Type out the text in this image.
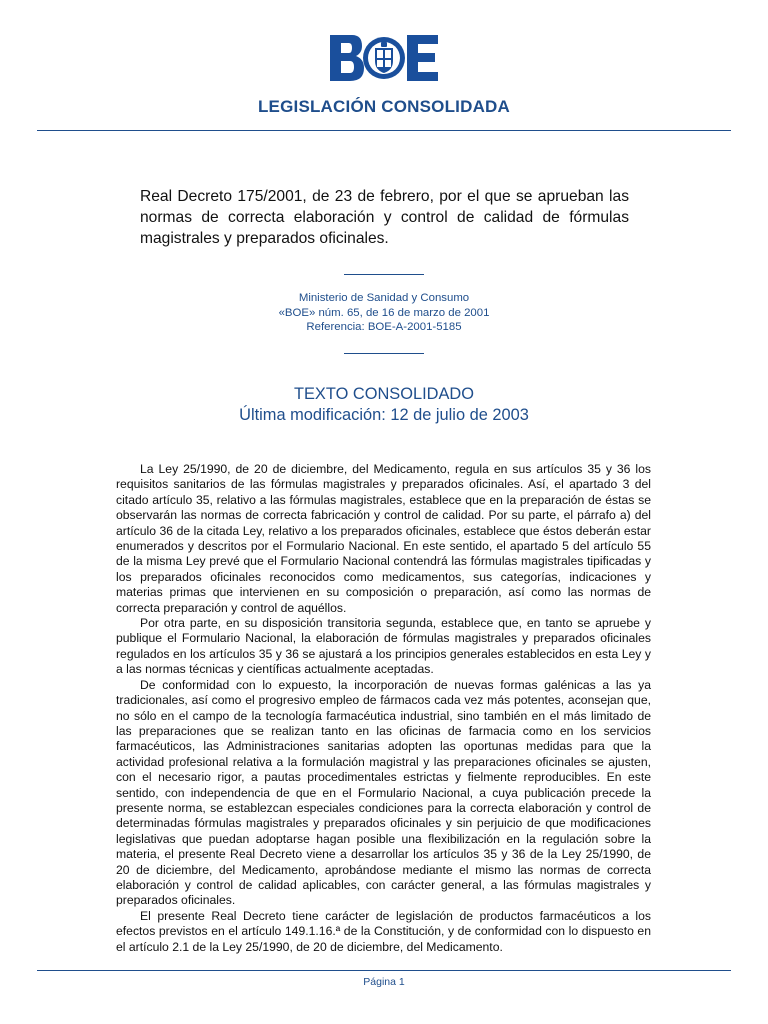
LEGISLACIÓN CONSOLIDADA
Real Decreto 175/2001, de 23 de febrero, por el que se aprueban las normas de correcta elaboración y control de calidad de fórmulas magistrales y preparados oficinales.
Ministerio de Sanidad y Consumo
«BOE» núm. 65, de 16 de marzo de 2001
Referencia: BOE-A-2001-5185
TEXTO CONSOLIDADO
Última modificación: 12 de julio de 2003

La Ley 25/1990, de 20 de diciembre, del Medicamento, regula en sus artículos 35 y 36 los requisitos sanitarios de las fórmulas magistrales y preparados oficinales. Así, el apartado 3 del citado artículo 35, relativo a las fórmulas magistrales, establece que en la preparación de éstas se observarán las normas de correcta fabricación y control de calidad. Por su parte, el párrafo a) del artículo 36 de la citada Ley, relativo a los preparados oficinales, establece que éstos deberán estar enumerados y descritos por el Formulario Nacional. En este sentido, el apartado 5 del artículo 55 de la misma Ley prevé que el Formulario Nacional contendrá las fórmulas magistrales tipificadas y los preparados oficinales reconocidos como medicamentos, sus categorías, indicaciones y materias primas que intervienen en su composición o preparación, así como las normas de correcta preparación y control de aquéllos.

Por otra parte, en su disposición transitoria segunda, establece que, en tanto se apruebe y publique el Formulario Nacional, la elaboración de fórmulas magistrales y preparados oficinales regulados en los artículos 35 y 36 se ajustará a los principios generales establecidos en esta Ley y a las normas técnicas y científicas actualmente aceptadas.

De conformidad con lo expuesto, la incorporación de nuevas formas galénicas a las ya tradicionales, así como el progresivo empleo de fármacos cada vez más potentes, aconsejan que, no sólo en el campo de la tecnología farmacéutica industrial, sino también en el más limitado de las preparaciones que se realizan tanto en las oficinas de farmacia como en los servicios farmacéuticos, las Administraciones sanitarias adopten las oportunas medidas para que la actividad profesional relativa a la formulación magistral y las preparaciones oficinales se ajusten, con el necesario rigor, a pautas procedimentales estrictas y fielmente reproducibles. En este sentido, con independencia de que en el Formulario Nacional, a cuya publicación precede la presente norma, se establezcan especiales condiciones para la correcta elaboración y control de determinadas fórmulas magistrales y preparados oficinales y sin perjuicio de que modificaciones legislativas que puedan adoptarse hagan posible una flexibilización en la regulación sobre la materia, el presente Real Decreto viene a desarrollar los artículos 35 y 36 de la Ley 25/1990, de 20 de diciembre, del Medicamento, aprobándose mediante el mismo las normas de correcta elaboración y control de calidad aplicables, con carácter general, a las fórmulas magistrales y preparados oficinales.

El presente Real Decreto tiene carácter de legislación de productos farmacéuticos a los efectos previstos en el artículo 149.1.16.ª de la Constitución, y de conformidad con lo dispuesto en el artículo 2.1 de la Ley 25/1990, de 20 de diciembre, del Medicamento.

Página 1
